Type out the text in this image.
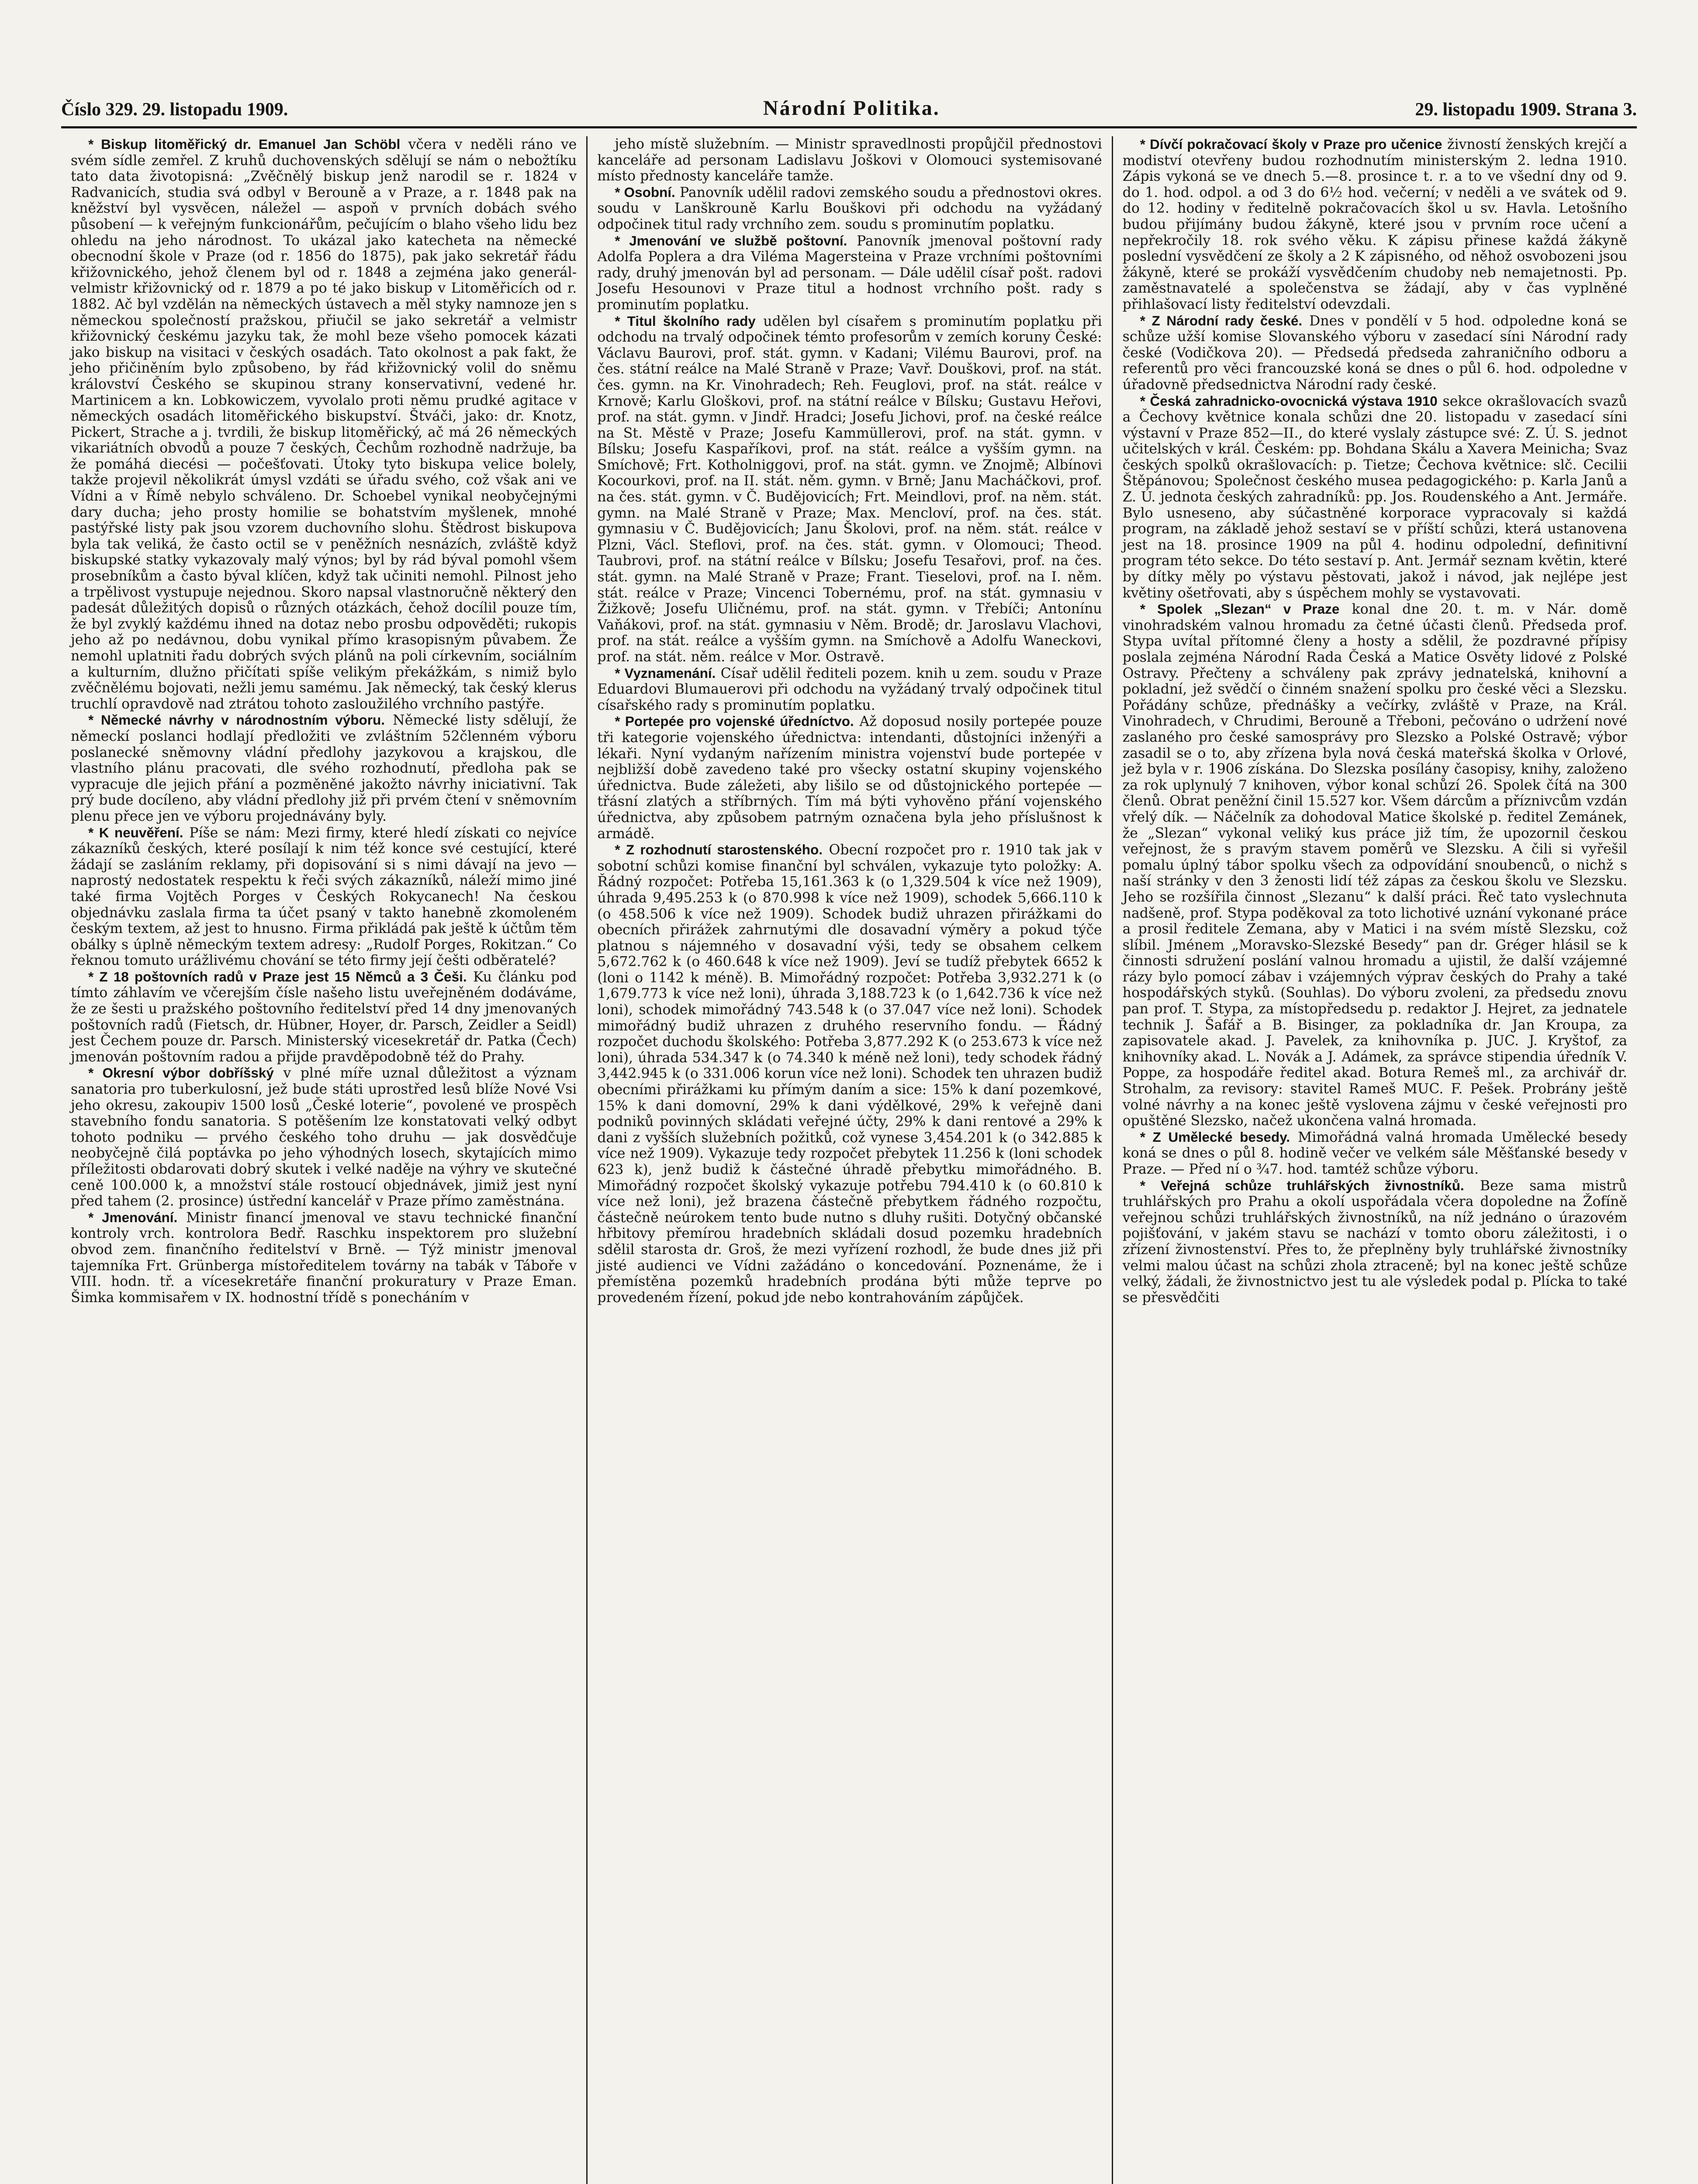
Číslo 329. 29. listopadu 1909.	Národní Politika.	29. listopadu 1909. Strana 3.

* Biskup litoměřický dr. Emanuel Jan Schöbl včera v neděli ráno ve svém sídle zemřel. Z kruhů duchovenských sdělují se nám o nebožtíku tato data životopisná: „Zvěčnělý biskup jenž narodil se r. 1824 v Radvanicích, studia svá odbyl v Berouně a v Praze, a r. 1848 pak na kněžství byl vysvěcen, náležel — aspoň v prvních dobách svého působení — k veřejným funkcionářům, pečujícím o blaho všeho lidu bez ohledu na jeho národnost. To ukázal jako katecheta na německé obecnodní škole v Praze (od r. 1856 do 1875), pak jako sekretář řádu křižovnického, jehož členem byl od r. 1848 a zejména jako generál-velmistr křižovnický od r. 1879 a po té jako biskup v Litoměřicích od r. 1882. Ač byl vzdělán na německých ústavech a měl styky namnoze jen s německou společností pražskou, přiučil se jako sekretář a velmistr křižovnický českému jazyku tak, že mohl beze všeho pomocek kázati jako biskup na visitaci v českých osadách. Tato okolnost a pak fakt, že jeho přičiněním bylo způsobeno, by řád křižovnický volil do sněmu království Českého se skupinou strany konservativní, vedené hr. Martinicem a kn. Lobkowiczem, vyvolalo proti němu prudké agitace v německých osadách litoměřického biskupství. Štváči, jako: dr. Knotz, Pickert, Strache a j. tvrdili, že biskup litoměřický, ač má 26 německých vikariátních obvodů a pouze 7 českých, Čechům rozhodně nadržuje, ba že pomáhá diecési — počešťovati. Útoky tyto biskupa velice bolely, takže projevil několikrát úmysl vzdáti se úřadu svého, což však ani ve Vídni a v Římě nebylo schváleno. Dr. Schoebel vynikal neobyčejnými dary ducha; jeho prosty homilie se bohatstvím myšlenek, mnohé pastýřské listy pak jsou vzorem duchovního slohu. Štědrost biskupova byla tak veliká, že často octil se v peněžních nesnázích, zvláště když biskupské statky vykazovaly malý výnos; byl by rád býval pomohl všem prosebníkům a často býval klíčen, když tak učiniti nemohl. Pilnost jeho a trpělivost vystupuje nejednou. Skoro napsal vlastnoručně některý den padesát důležitých dopisů o různých otázkách, čehož docílil pouze tím, že byl zvyklý každému ihned na dotaz nebo prosbu odpověděti; rukopis jeho až po nedávnou, dobu vynikal přímo krasopisným půvabem. Že nemohl uplatniti řadu dobrých svých plánů na poli církevním, sociálním a kulturním, dlužno přičítati spíše velikým překážkám, s nimiž bylo zvěčnělému bojovati, nežli jemu samému. Jak německý, tak český klerus truchlí opravdově nad ztrátou tohoto zasloužilého vrchního pastýře.

* Německé návrhy v národnostním výboru. Německé listy sdělují, že německí poslanci hodlají předložiti ve zvláštním 52členném výboru poslanecké sněmovny vládní předlohy jazykovou a krajskou, dle vlastního plánu pracovati, dle svého rozhodnutí, předloha pak se vypracuje dle jejich přání a pozměněné jakožto návrhy iniciativní. Tak prý bude docíleno, aby vládní předlohy již při prvém čtení v sněmovním plenu přece jen ve výboru projednávány byly.

* K neuvěření. Píše se nám: Mezi firmy, které hledí získati co nejvíce zákazníků českých, které posílají k nim též konce své cestující, které žádají se zasláním reklamy, při dopisování si s nimi dávají na jevo — naprostý nedostatek respektu k řeči svých zákazníků, náleží mimo jiné také firma Vojtěch Porges v Českých Rokycanech! Na českou objednávku zaslala firma ta účet psaný v takto hanebně zkomoleném českým textem, až jest to hnusno. Firma přikládá pak ještě k účtům těm obálky s úplně německým textem adresy: „Rudolf Porges, Rokitzan.“ Co řeknou tomuto urážlivému chování se této firmy její češti odběratelé?

* Z 18 poštovních radů v Praze jest 15 Němců a 3 Češi. Ku článku pod tímto záhlavím ve včerejším čísle našeho listu uveřejněném dodáváme, že ze šesti u pražského poštovního ředitelství před 14 dny jmenovaných poštovních radů (Fietsch, dr. Hübner, Hoyer, dr. Parsch, Zeidler a Seidl) jest Čechem pouze dr. Parsch. Ministerský vicesekretář dr. Patka (Čech) jmenován poštovním radou a přijde pravděpodobně též do Prahy.

* Okresní výbor dobříšský v plné míře uznal důležitost a význam sanatoria pro tuberkulosní, jež bude státi uprostřed lesů blíže Nové Vsi jeho okresu, zakoupiv 1500 losů „České loterie“, povolené ve prospěch stavebního fondu sanatoria. S potěšením lze konstatovati velký odbyt tohoto podniku — prvého českého toho druhu — jak dosvědčuje neobyčejně čilá poptávka po jeho výhodných losech, skytajících mimo příležitosti obdarovati dobrý skutek i velké naděje na výhry ve skutečné ceně 100.000 k, a množství stále rostoucí objednávek, jimiž jest nyní před tahem (2. prosince) ústřední kancelář v Praze přímo zaměstnána.

* Jmenování. Ministr financí jmenoval ve stavu technické finanční kontroly vrch. kontrolora Bedř. Raschku inspektorem pro služební obvod zem. finančního ředitelství v Brně. — Týž ministr jmenoval tajemníka Frt. Grünberga místoředitelem továrny na tabák v Táboře v VIII. hodn. tř. a vícesekretáře finanční prokuratury v Praze Eman. Šimka kommisařem v IX. hodnostní třídě s ponecháním v

jeho místě služebním. — Ministr spravedlnosti propůjčil přednostovi kanceláře ad personam Ladislavu Joškovi v Olomouci systemisované místo přednosty kanceláře tamže.

* Osobní. Panovník udělil radovi zemského soudu a přednostovi okres. soudu v Lanškrouně Karlu Bouškovi při odchodu na vyžádaný odpočinek titul rady vrchního zem. soudu s prominutím poplatku.

* Jmenování ve službě poštovní. Panovník jmenoval poštovní rady Adolfa Poplera a dra Viléma Magersteina v Praze vrchními poštovními rady, druhý jmenován byl ad personam. — Dále udělil císař pošt. radovi Josefu Hesounovi v Praze titul a hodnost vrchního pošt. rady s prominutím poplatku.

* Titul školního rady udělen byl císařem s prominutím poplatku při odchodu na trvalý odpočinek témto profesorům v zemích koruny České: Václavu Baurovi, prof. stát. gymn. v Kadani; Vilému Baurovi, prof. na čes. státní reálce na Malé Straně v Praze; Vavř. Douškovi, prof. na stát. čes. gymn. na Kr. Vinohradech; Reh. Feuglovi, prof. na stát. reálce v Krnově; Karlu Gloškovi, prof. na státní reálce v Bílsku; Gustavu Heřovi, prof. na stát. gymn. v Jindř. Hradci; Josefu Jichovi, prof. na české reálce na St. Městě v Praze; Josefu Kammüllerovi, prof. na stát. gymn. v Bílsku; Josefu Kaspaříkovi, prof. na stát. reálce a vyšším gymn. na Smíchově; Frt. Kotholniggovi, prof. na stát. gymn. ve Znojmě; Albínovi Kocourkovi, prof. na II. stát. něm. gymn. v Brně; Janu Macháčkovi, prof. na čes. stát. gymn. v Č. Budějovicích; Frt. Meindlovi, prof. na něm. stát. gymn. na Malé Straně v Praze; Max. Mencloví, prof. na čes. stát. gymnasiu v Č. Budějovicích; Janu Školovi, prof. na něm. stát. reálce v Plzni, Václ. Steflovi, prof. na čes. stát. gymn. v Olomouci; Theod. Taubrovi, prof. na státní reálce v Bílsku; Josefu Tesařovi, prof. na čes. stát. gymn. na Malé Straně v Praze; Frant. Tieselovi, prof. na I. něm. stát. reálce v Praze; Vincenci Tobernému, prof. na stát. gymnasiu v Žižkově; Josefu Uličnému, prof. na stát. gymn. v Třebíči; Antonínu Vaňákovi, prof. na stát. gymnasiu v Něm. Brodě; dr. Jaroslavu Vlachovi, prof. na stát. reálce a vyšším gymn. na Smíchově a Adolfu Waneckovi, prof. na stát. něm. reálce v Mor. Ostravě.

* Vyznamenání. Císař udělil řediteli pozem. knih u zem. soudu v Praze Eduardovi Blumauerovi při odchodu na vyžádaný trvalý odpočinek titul císařského rady s prominutím poplatku.

* Portepée pro vojenské úředníctvo. Až doposud nosily portepée pouze tři kategorie vojenského úřednictva: intendanti, důstojníci inženýři a lékaři. Nyní vydaným nařízením ministra vojenství bude portepée v nejbližší době zavedeno také pro všecky ostatní skupiny vojenského úřednictva. Bude záležeti, aby lišilo se od důstojnického portepée — třásní zlatých a stříbrných. Tím má býti vyhověno přání vojenského úřednictva, aby způsobem patrným označena byla jeho příslušnost k armádě.

* Z rozhodnutí starostenského. Obecní rozpočet pro r. 1910 tak jak v sobotní schůzi komise finanční byl schválen, vykazuje tyto položky: A. Řádný rozpočet: Potřeba 15,161.363 k (o 1,329.504 k více než 1909), úhrada 9,495.253 k (o 870.998 k více než 1909), schodek 5,666.110 k (o 458.506 k více než 1909). Schodek budiž uhrazen přirážkami do obecních přirážek zahrnutými dle dosavadní výměry a pokud týče platnou s nájemného v dosavadní výši, tedy se obsahem celkem 5,672.762 k (o 460.648 k více než 1909). Jeví se tudíž přebytek 6652 k (loni o 1142 k méně). B. Mimořádný rozpočet: Potřeba 3,932.271 k (o 1,679.773 k více než loni), úhrada 3,188.723 k (o 1,642.736 k více než loni), schodek mimořádný 743.548 k (o 37.047 více než loni). Schodek mimořádný budiž uhrazen z druhého reservního fondu. — Řádný rozpočet duchodu školského: Potřeba 3,877.292 K (o 253.673 k více než loni), úhrada 534.347 k (o 74.340 k méně než loni), tedy schodek řádný 3,442.945 k (o 331.006 korun více než loni). Schodek ten uhrazen budiž obecními přirážkami ku přímým daním a sice: 15% k daní pozemkové, 15% k dani domovní, 29% k dani výdělkové, 29% k veřejně dani podniků povinných skládati veřejné účty, 29% k dani rentové a 29% k dani z vyšších služebních požitků, což vynese 3,454.201 k (o 342.885 k více než 1909). Vykazuje tedy rozpočet přebytek 11.256 k (loni schodek 623 k), jenž budiž k částečné úhradě přebytku mimořádného. B. Mimořádný rozpočet školský vykazuje potřebu 794.410 k (o 60.810 k více než loni), jež brazena částečně přebytkem řádného rozpočtu, částečně neúrokem tento bude nutno s dluhy rušiti. Dotyčný občanské hřbitovy přemírou hradebních skládali dosud pozemku hradebních sdělil starosta dr. Groš, že mezi vyřízení rozhodl, že bude dnes již při jisté audienci ve Vídni zažádáno o koncedování. Poznenáme, že i přemístěna pozemků hradebních prodána býti může teprve po provedeném řízení, pokud jde nebo kontrahováním zápůjček.

* Dívčí pokračovací školy v Praze pro učenice živností ženských krejčí a modiství otevřeny budou rozhodnutím ministerským 2. ledna 1910. Zápis vykoná se ve dnech 5.—8. prosince t. r. a to ve všední dny od 9. do 1. hod. odpol. a od 3 do 6½ hod. večerní; v neděli a ve svátek od 9. do 12. hodiny v ředitelně pokračovacích škol u sv. Havla. Letošního budou přijímány budou žákyně, které jsou v prvním roce učení a nepřekročily 18. rok svého věku. K zápisu přinese každá žákyně poslední vysvědčení ze školy a 2 K zápisného, od něhož osvobozeni jsou žákyně, které se prokáží vysvědčením chudoby neb nemajetnosti. Pp. zaměstnavatelé a společenstva se žádají, aby v čas vyplněné přihlašovací listy ředitelství odevzdali.

* Z Národní rady české. Dnes v pondělí v 5 hod. odpoledne koná se schůze užší komise Slovanského výboru v zasedací síni Národní rady české (Vodičkova 20). — Předsedá předseda zahraničního odboru a referentů pro věci francouzské koná se dnes o půl 6. hod. odpoledne v úřadovně předsednictva Národní rady české.

* Česká zahradnicko-ovocnická výstava 1910 sekce okrašlovacích svazů a Čechovy květnice konala schůzi dne 20. listopadu v zasedací síni výstavní v Praze 852—II., do které vyslaly zástupce své: Z. Ú. S. jednot učitelských v král. Českém: pp. Bohdana Skálu a Xavera Meinicha; Svaz českých spolků okrašlovacích: p. Tietze; Čechova květnice: slč. Cecilii Štěpánovou; Společnost českého musea pedagogického: p. Karla Janů a Z. Ú. jednota českých zahradníků: pp. Jos. Roudenského a Ant. Jermáře. Bylo usneseno, aby súčastněné korporace vypracovaly si každá program, na základě jehož sestaví se v příští schůzi, která ustanovena jest na 18. prosince 1909 na půl 4. hodinu odpolední, definitivní program této sekce. Do této sestaví p. Ant. Jermář seznam květin, které by dítky měly po výstavu pěstovati, jakož i návod, jak nejlépe jest květiny ošetřovati, aby s úspěchem mohly se vystavovati.

* Spolek „Slezan“ v Praze konal dne 20. t. m. v Nár. domě vinohradském valnou hromadu za četné účasti členů. Předseda prof. Stypa uvítal přítomné členy a hosty a sdělil, že pozdravné přípisy poslala zejména Národní Rada Česká a Matice Osvěty lidové z Polské Ostravy. Přečteny a schváleny pak zprávy jednatelská, knihovní a pokladní, jež svědčí o činném snažení spolku pro české věci a Slezsku. Pořádány schůze, přednášky a večírky, zvláště v Praze, na Král. Vinohradech, v Chrudimi, Berouně a Třeboni, pečováno o udržení nové zaslaného pro české samosprávy pro Slezsko a Polské Ostravě; výbor zasadil se o to, aby zřízena byla nová česká mateřská školka v Orlové, jež byla v r. 1906 získána. Do Slezska posílány časopisy, knihy, založeno za rok uplynulý 7 knihoven, výbor konal schůzí 26. Spolek čítá na 300 členů. Obrat peněžní činil 15.527 kor. Všem dárcům a příznivcům vzdán vřelý dík. — Náčelník za dohodoval Matice školské p. ředitel Zemánek, že „Slezan“ vykonal veliký kus práce již tím, že upozornil českou veřejnost, že s pravým stavem poměrů ve Slezsku. A čili si vyřešil pomalu úplný tábor spolku všech za odpovídání snoubenců, o nichž s naší stránky v den 3 ženosti lidí též zápas za českou školu ve Slezsku. Jeho se rozšířila činnost „Slezanu“ k další práci. Řeč tato vyslechnuta nadšeně, prof. Stypa poděkoval za toto lichotivé uznání vykonané práce a prosil ředitele Zemana, aby v Matici i na svém místě Slezsku, což slíbil. Jménem „Moravsko-Slezské Besedy“ pan dr. Gréger hlásil se k činnosti sdružení poslání valnou hromadu a ujistil, že další vzájemné rázy bylo pomocí zábav i vzájemných výprav českých do Prahy a také hospodářských styků. (Souhlas). Do výboru zvoleni, za předsedu znovu pan prof. T. Stypa, za místopředsedu p. redaktor J. Hejret, za jednatele technik J. Šafář a B. Bisinger, za pokladníka dr. Jan Kroupa, za zapisovatele akad. J. Pavelek, za knihovníka p. JUC. J. Kryštof, za knihovníky akad. L. Novák a J. Adámek, za správce stipendia úředník V. Poppe, za hospodáře ředitel akad. Botura Remeš ml., za archivář dr. Strohalm, za revisory: stavitel Rameš MUC. F. Pešek. Probrány ještě volné návrhy a na konec ještě vyslovena zájmu v české veřejnosti pro opuštěné Slezsko, načež ukončena valná hromada.

* Z Umělecké besedy. Mimořádná valná hromada Umělecké besedy koná se dnes o půl 8. hodině večer ve velkém sále Měšťanské besedy v Praze. — Před ní o ¾7. hod. tamtéž schůze výboru.

* Veřejná schůze truhlářských živnostníků. Beze sama mistrů truhlářských pro Prahu a okolí uspořádala včera dopoledne na Žofíně veřejnou schůzi truhlářských živnostníků, na níž jednáno o úrazovém pojišťování, v jakém stavu se nachází v tomto oboru záležitosti, i o zřízení živnostenství. Přes to, že přeplněny byly truhlářské živnostníky velmi malou účast na schůzi zhola ztraceně; byl na konec ještě schůze velký, žádali, že živnostnictvo jest tu ale výsledek podal p. Plícka to také se přesvědčiti
